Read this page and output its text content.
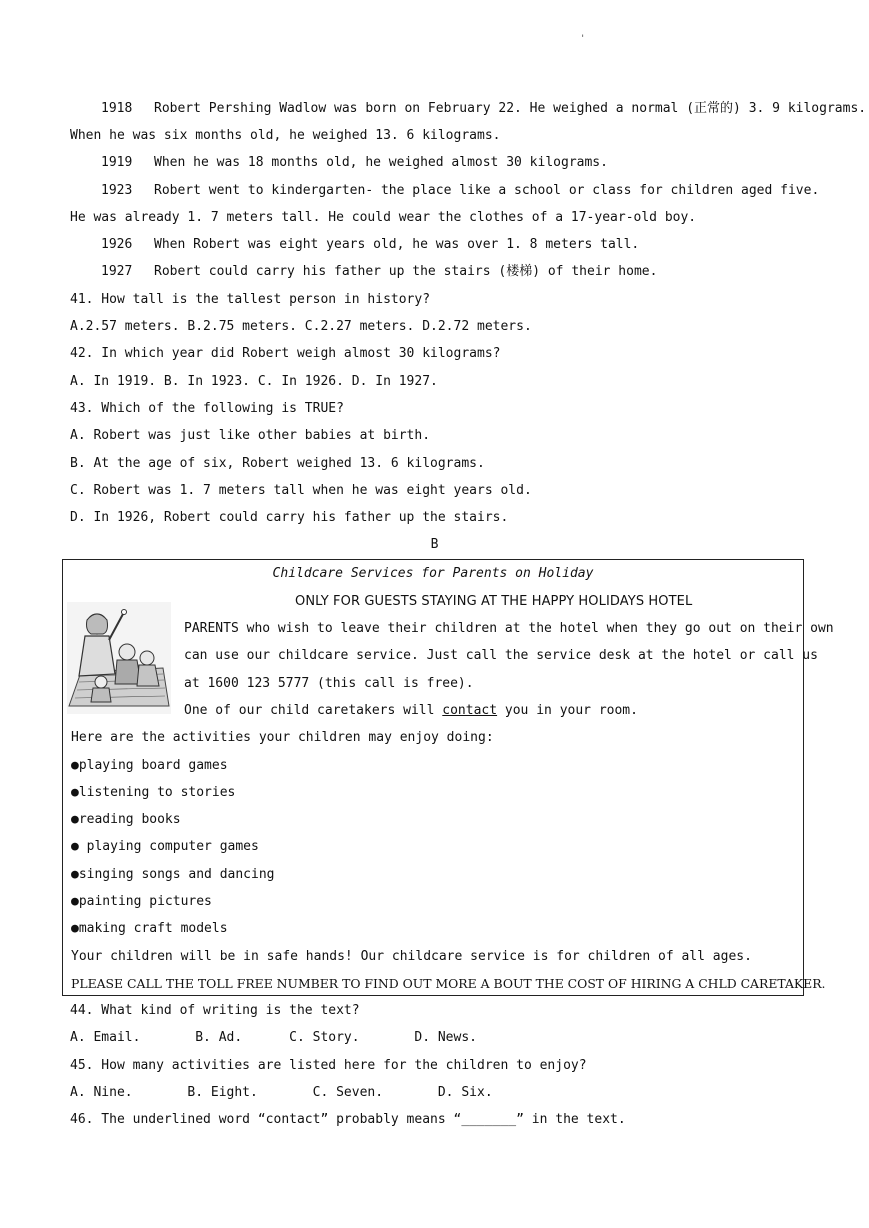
'
1918 Robert Pershing Wadlow was born on February 22. He weighed a normal (正常的) 3. 9 kilograms.
When he was six months old, he weighed 13. 6 kilograms.
1919 When he was 18 months old, he weighed almost 30 kilograms.
1923 Robert went to kindergarten- the place like a school or class for children aged five.
He was already 1. 7 meters tall. He could wear the clothes of a 17-year-old boy.
1926 When Robert was eight years old, he was over 1. 8 meters tall.
1927 Robert could carry his father up the stairs (楼梯) of their home.
41. How tall is the tallest person in history?
A.2.57 meters. B.2.75 meters. C.2.27 meters. D.2.72 meters.
42. In which year did Robert weigh almost 30 kilograms?
A. In 1919. B. In 1923. C. In 1926. D. In 1927.
43. Which of the following is TRUE?
A. Robert was just like other babies at birth.
B. At the age of six, Robert weighed 13. 6 kilograms.
C. Robert was 1. 7 meters tall when he was eight years old.
D. In 1926, Robert could carry his father up the stairs.
B
Childcare Services for Parents on Holiday
ONLY FOR GUESTS STAYING AT THE HAPPY HOLIDAYS HOTEL
PARENTS who wish to leave their children at the hotel when they go out on their own
can use our childcare service. Just call the service desk at the hotel or call us
at 1600 123 5777 (this call is free).
One of our child caretakers will contact you in your room.
Here are the activities your children may enjoy doing:
●playing board games
●listening to stories
●reading books
● playing computer games
●singing songs and dancing
●painting pictures
●making craft models
Your children will be in safe hands! Our childcare service is for children of all ages.
PLEASE CALL THE TOLL FREE NUMBER TO FIND OUT MORE A BOUT THE COST OF HIRING A CHLD CARETAKER.
44. What kind of writing is the text?
A. Email.       B. Ad.      C. Story.       D. News.
45. How many activities are listed here for the children to enjoy?
A. Nine.       B. Eight.       C. Seven.       D. Six.
46. The underlined word “contact” probably means “_______” in the text.
